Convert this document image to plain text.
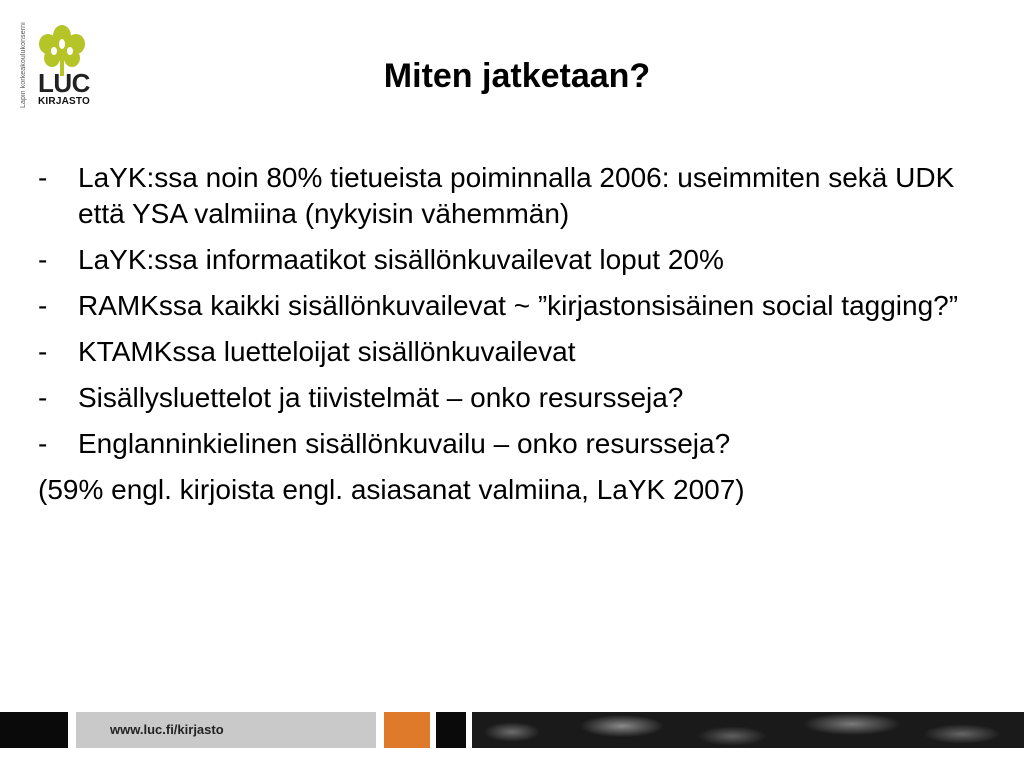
Lapin korkeakoulukonserni LUC
KIRJASTO
Miten jatketaan?
-	LaYK:ssa noin 80% tietueista poiminnalla 2006: useimmiten sekä UDK että YSA valmiina (nykyisin vähemmän)
-	LaYK:ssa informaatikot sisällönkuvailevat loput 20%
-	RAMKssa kaikki sisällönkuvailevat ~ ”kirjastonsisäinen social tagging?”
-	KTAMKssa luetteloijat sisällönkuvailevat
-	Sisällysluettelot ja tiivistelmät – onko resursseja?
-	Englanninkielinen sisällönkuvailu – onko resursseja?
(59% engl. kirjoista engl. asiasanat valmiina, LaYK 2007)
www.luc.fi/kirjasto
